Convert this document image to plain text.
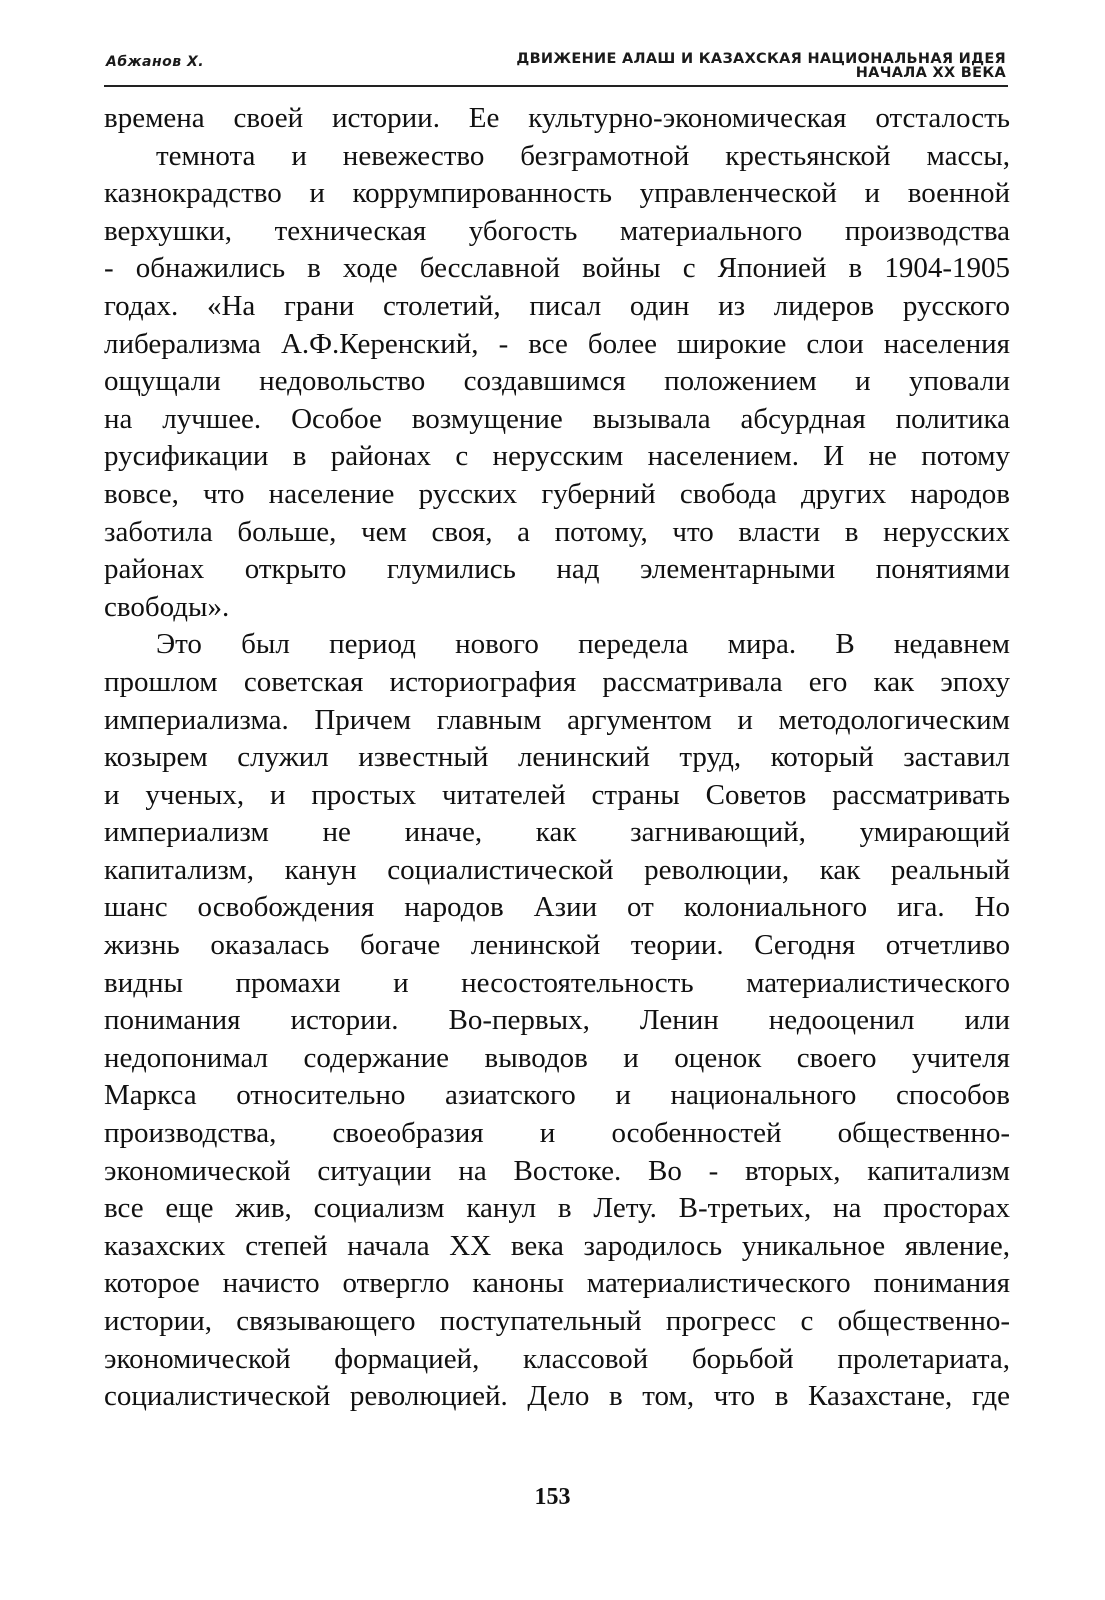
Абжанов Х.	ДВИЖЕНИЕ АЛАШ И КАЗАХСКАЯ НАЦИОНАЛЬНАЯ ИДЕЯ
НАЧАЛА ХХ ВЕКА
времена своей истории. Ее культурно-экономическая отсталость
темнота и невежество безграмотной крестьянской массы,
казнокрадство и коррумпированность управленческой и военной
верхушки, техническая убогость материального производства
- обнажились в ходе бесславной войны с Японией в 1904-1905
годах. «На грани столетий, писал один из лидеров русского
либерализма А.Ф.Керенский, - все более широкие слои населения
ощущали недовольство создавшимся положением и уповали
на лучшее. Особое возмущение вызывала абсурдная политика
русификации в районах с нерусским населением. И не потому
вовсе, что население русских губерний свобода других народов
заботила больше, чем своя, а потому, что власти в нерусских
районах открыто глумились над элементарными понятиями
свободы».
Это был период нового передела мира. В недавнем
прошлом советская историография рассматривала его как эпоху
империализма. Причем главным аргументом и методологическим
козырем служил известный ленинский труд, который заставил
и ученых, и простых читателей страны Советов рассматривать
империализм не иначе, как загнивающий, умирающий
капитализм, канун социалистической революции, как реальный
шанс освобождения народов Азии от колониального ига. Но
жизнь оказалась богаче ленинской теории. Сегодня отчетливо
видны промахи и несостоятельность материалистического
понимания истории. Во-первых, Ленин недооценил или
недопонимал содержание выводов и оценок своего учителя
Маркса относительно азиатского и национального способов
производства, своеобразия и особенностей общественно-
экономической ситуации на Востоке. Во - вторых, капитализм
все еще жив, социализм канул в Лету. В-третьих, на просторах
казахских степей начала ХХ века зародилось уникальное явление,
которое начисто отвергло каноны материалистического понимания
истории, связывающего поступательный прогресс с общественно-
экономической формацией, классовой борьбой пролетариата,
социалистической революцией. Дело в том, что в Казахстане, где
153
